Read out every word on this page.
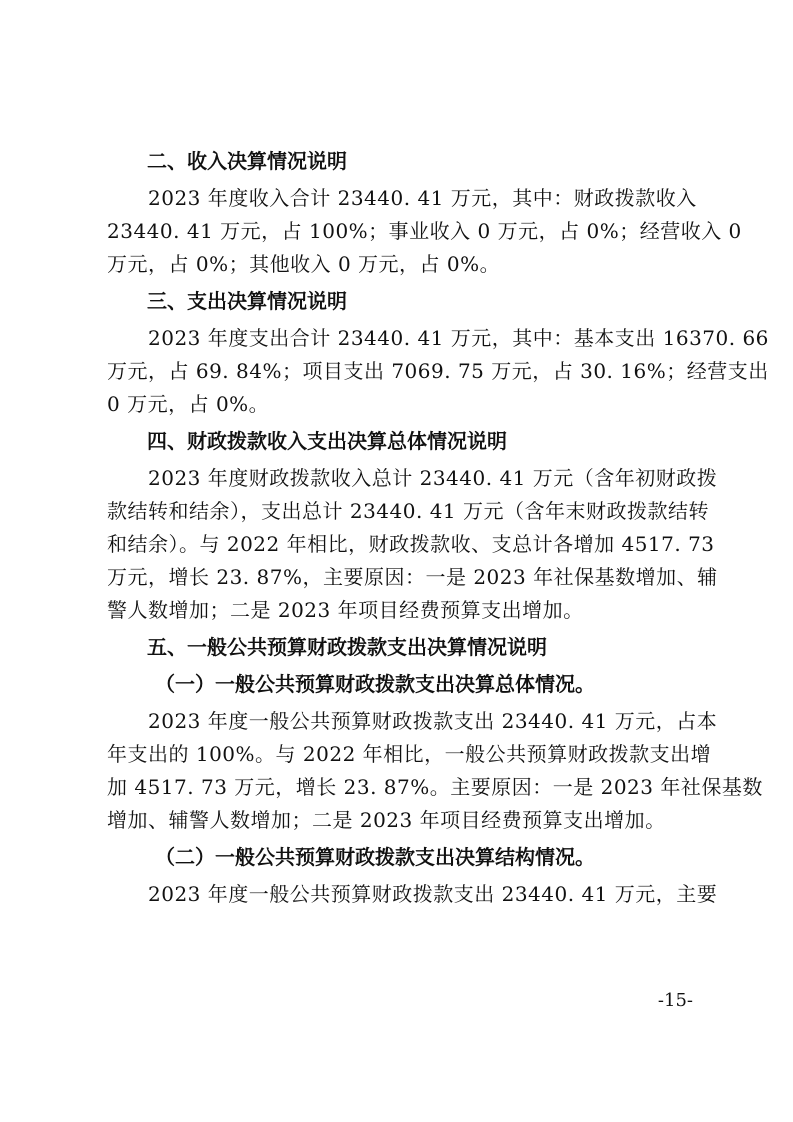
二、收入决算情况说明
　　2023 年度收入合计 23440. 41 万元，其中：财政拨款收入
23440. 41 万元，占 100%；事业收入 0 万元，占 0%；经营收入 0
万元，占 0%；其他收入 0 万元，占 0%。
三、支出决算情况说明
　　2023 年度支出合计 23440. 41 万元，其中：基本支出 16370. 66
万元，占 69. 84%；项目支出 7069. 75 万元，占 30. 16%；经营支出
0 万元，占 0%。
四、财政拨款收入支出决算总体情况说明
　　2023 年度财政拨款收入总计 23440. 41 万元（含年初财政拨
款结转和结余），支出总计 23440. 41 万元（含年末财政拨款结转
和结余）。与 2022 年相比，财政拨款收、支总计各增加 4517. 73
万元，增长 23. 87%，主要原因：一是 2023 年社保基数增加、辅
警人数增加；二是 2023 年项目经费预算支出增加。
五、一般公共预算财政拨款支出决算情况说明
（一）一般公共预算财政拨款支出决算总体情况。
　　2023 年度一般公共预算财政拨款支出 23440. 41 万元，占本
年支出的 100%。与 2022 年相比，一般公共预算财政拨款支出增
加 4517. 73 万元，增长 23. 87%。主要原因：一是 2023 年社保基数
增加、辅警人数增加；二是 2023 年项目经费预算支出增加。
（二）一般公共预算财政拨款支出决算结构情况。
　　2023 年度一般公共预算财政拨款支出 23440. 41 万元，主要
-15-
